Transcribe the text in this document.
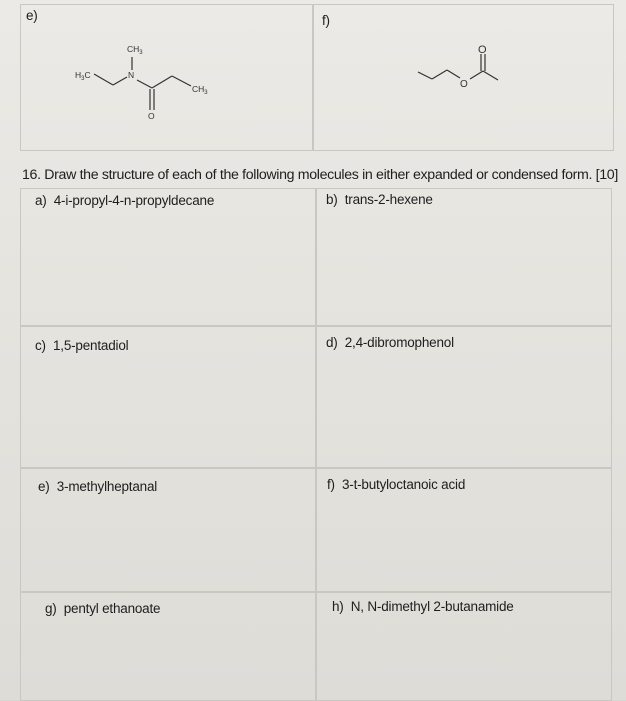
e)	f)
$CH_3$
$H_3C$	N
O
$CH_3$
O
O
16. Draw the structure of each of the following molecules in either expanded or condensed form. [10]
a) 4-i-propyl-4-n-propyldecane	b) trans-2-hexene
c) 1,5-pentadiol	d) 2,4-dibromophenol
e) 3-methylheptanal	f) 3-t-butyloctanoic acid
g) pentyl ethanoate	h) N, N-dimethyl 2-butanamide
